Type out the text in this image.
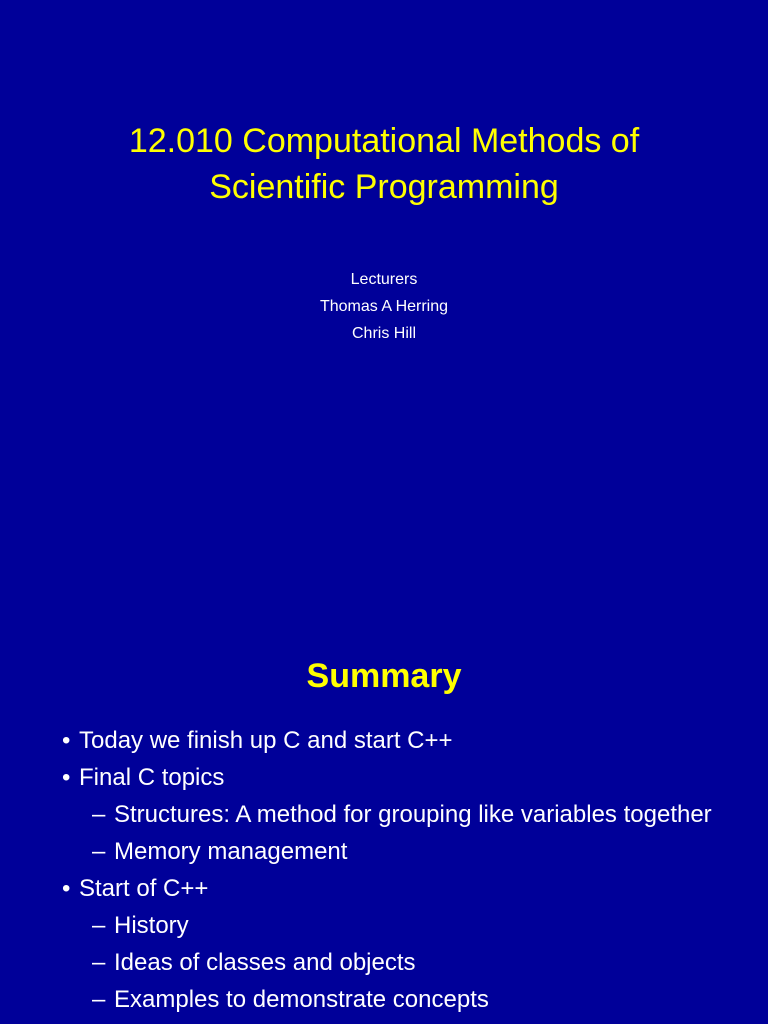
12.010 Computational Methods of
Scientific Programming
Lecturers
Thomas A Herring
Chris Hill
Summary
• Today we finish up C and start C++
• Final C topics
– Structures: A method for grouping like variables together
– Memory management
• Start of C++
– History
– Ideas of classes and objects
– Examples to demonstrate concepts
